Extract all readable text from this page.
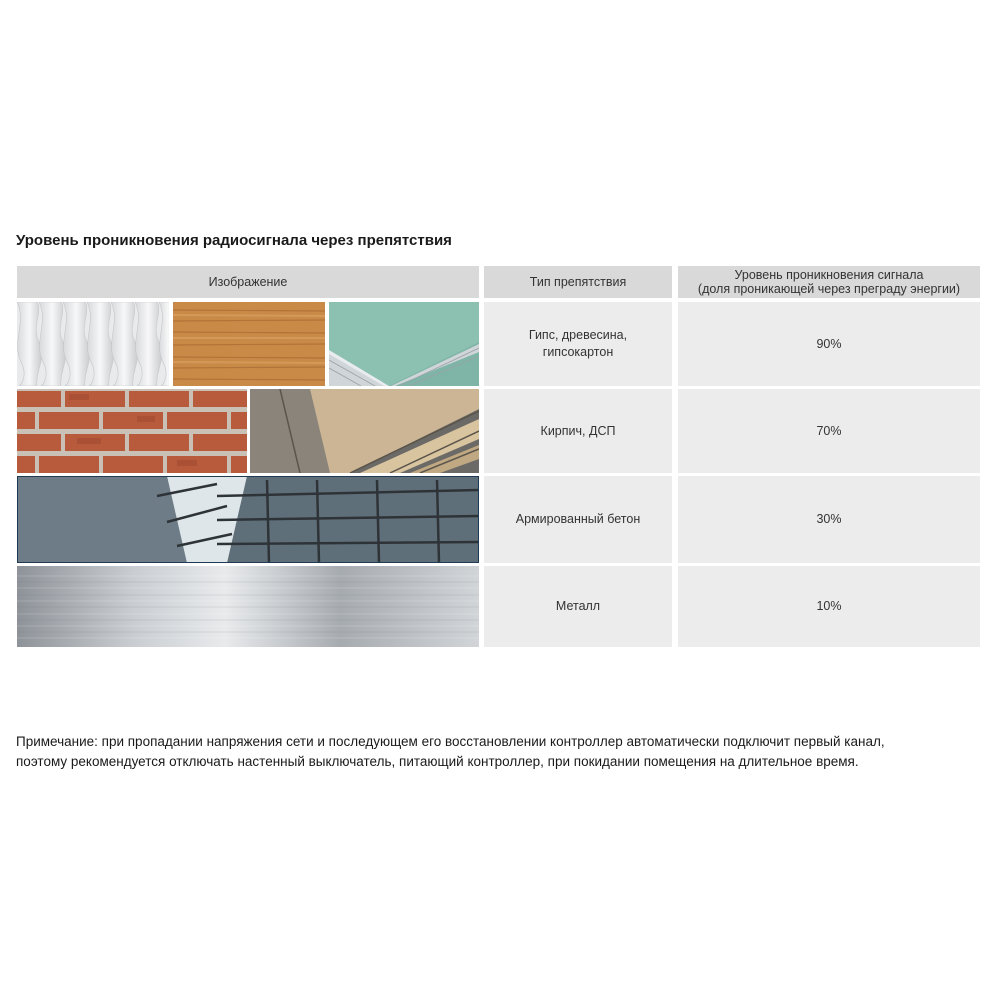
Уровень проникновения радиосигнала через препятствия
Изображение	Тип препятствия	Уровень проникновения сигнала
(доля проникающей через преграду энергии)
Гипс, древесина,
гипсокартон
Кирпич, ДСП
Армированный бетон
Металл
90%
70%
30%
10%
Примечание: при пропадании напряжения сети и последующем его восстановлении контроллер автоматически подключит первый канал,
поэтому рекомендуется отключать настенный выключатель, питающий контроллер, при покидании помещения на длительное время.
